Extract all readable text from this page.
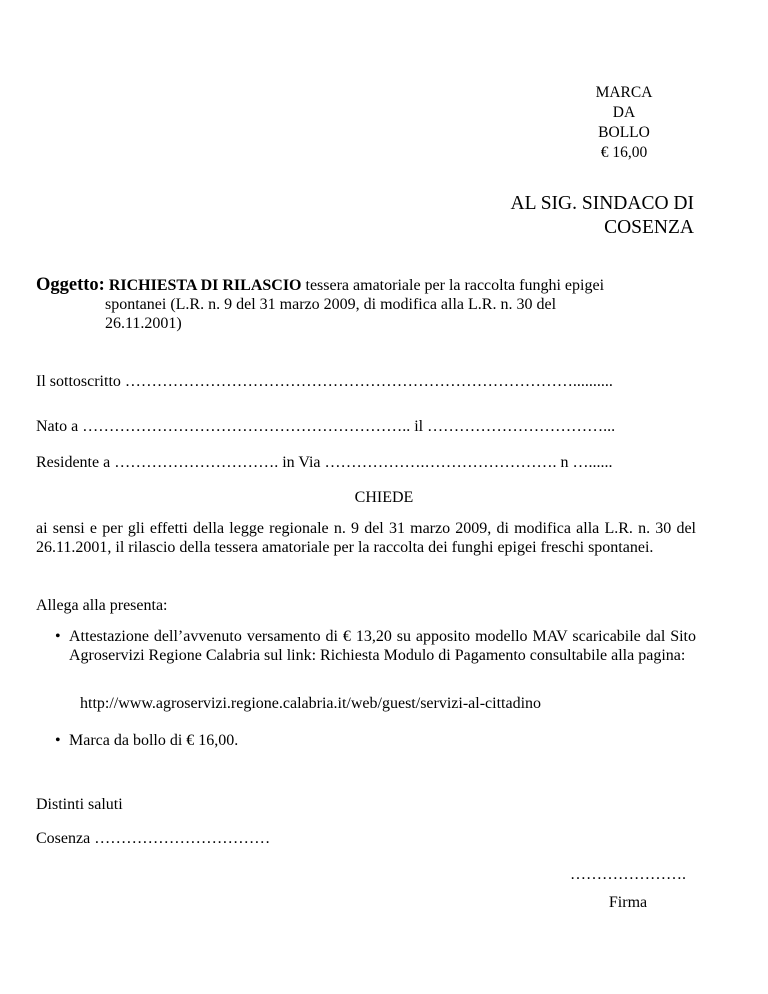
MARCA
DA
BOLLO
€ 16,00
AL SIG. SINDACO DI
COSENZA
Oggetto: RICHIESTA DI RILASCIO tessera amatoriale per la raccolta funghi epigei
spontanei (L.R. n. 9 del 31 marzo 2009, di modifica alla L.R. n. 30 del
26.11.2001)
Il sottoscritto …………………………………………………………………………..........
Nato a …………………………………………………….. il ……………………………...
Residente a …………………………. in Via ……………….……………………. n …......
CHIEDE
ai sensi e per gli effetti della legge regionale n. 9 del 31 marzo 2009, di modifica alla L.R. n. 30 del 26.11.2001, il rilascio della tessera amatoriale per la raccolta dei funghi epigei freschi spontanei.
Allega alla presenta:
• Attestazione dell’avvenuto versamento di € 13,20 su apposito modello MAV scaricabile dal Sito Agroservizi Regione Calabria sul link: Richiesta Modulo di Pagamento consultabile alla pagina:
http://www.agroservizi.regione.calabria.it/web/guest/servizi-al-cittadino
• Marca da bollo di € 16,00.
Distinti saluti
Cosenza ……………………………
………………….
Firma
